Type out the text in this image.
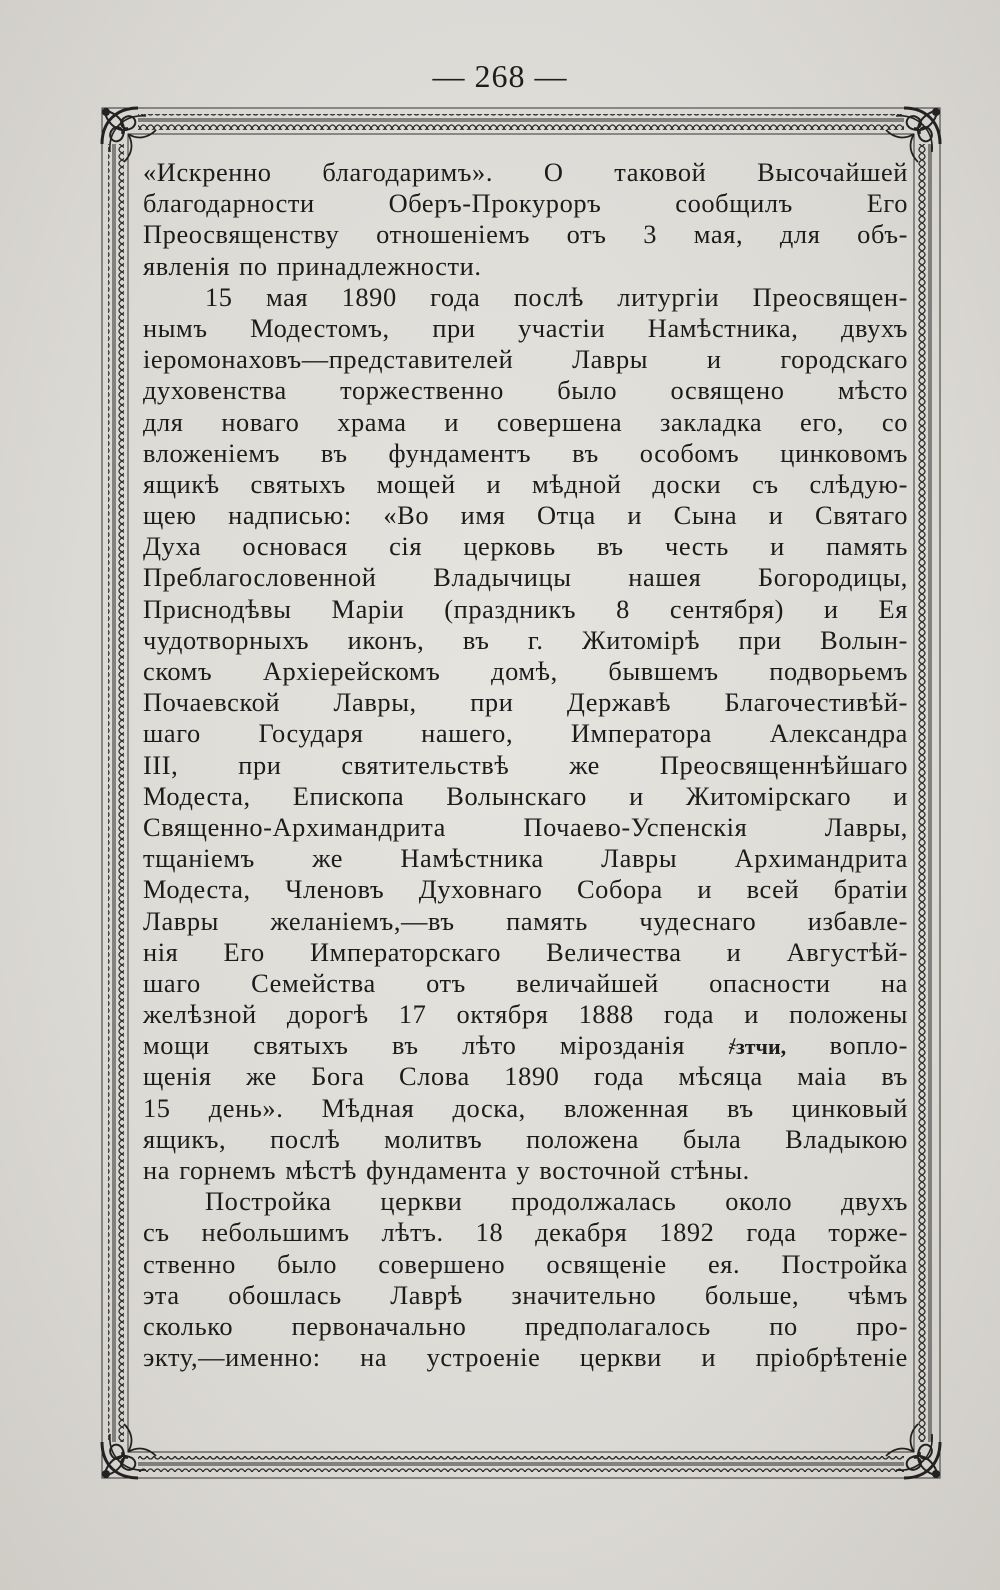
— 268 —
«Искренно благодаримъ». О таковой Высочайшей
благодарности Оберъ-Прокуроръ сообщилъ Его
Преосвященству отношеніемъ отъ 3 мая, для объ-
явленія по принадлежности.
15 мая 1890 года послѣ литургіи Преосвящен-
нымъ Модестомъ, при участіи Намѣстника, двухъ
іеромонаховъ—представителей Лавры и городскаго
духовенства торжественно было освящено мѣсто
для новаго храма и совершена закладка его, со
вложеніемъ въ фундаментъ въ особомъ цинковомъ
ящикѣ святыхъ мощей и мѣдной доски съ слѣдую-
щею надписью: «Во имя Отца и Сына и Святаго
Духа основася сія церковь въ честь и память
Преблагословенной Владычицы нашея Богородицы,
Приснодѣвы Маріи (праздникъ 8 сентября) и Ея
чудотворныхъ иконъ, въ г. Житомірѣ при Волын-
скомъ Архіерейскомъ домѣ, бывшемъ подворьемъ
Почаевской Лавры, при Державѣ Благочестивѣй-
шаго Государя нашего, Императора Александра
III, при святительствѣ же Преосвященнѣйшаго
Модеста, Епископа Волынскаго и Житомірскаго и
Священно-Архимандрита Почаево-Успенскія Лавры,
тщаніемъ же Намѣстника Лавры Архимандрита
Модеста, Членовъ Духовнаго Собора и всей братіи
Лавры желаніемъ,—въ память чудеснаго избавле-
нія Его Императорскаго Величества и Августѣй-
шаго Семейства отъ величайшей опасности на
желѣзной дорогѣ 17 октября 1888 года и положены
мощи святыхъ въ лѣто мірозданія ҂зтчи, вопло-
щенія же Бога Слова 1890 года мѣсяца маіа въ
15 день». Мѣдная доска, вложенная въ цинковый
ящикъ, послѣ молитвъ положена была Владыкою
на горнемъ мѣстѣ фундамента у восточной стѣны.
Постройка церкви продолжалась около двухъ
съ небольшимъ лѣтъ. 18 декабря 1892 года торже-
ственно было совершено освященіе ея. Постройка
эта обошлась Лаврѣ значительно больше, чѣмъ
сколько первоначально предполагалось по про-
экту,—именно: на устроеніе церкви и пріобрѣтеніе
